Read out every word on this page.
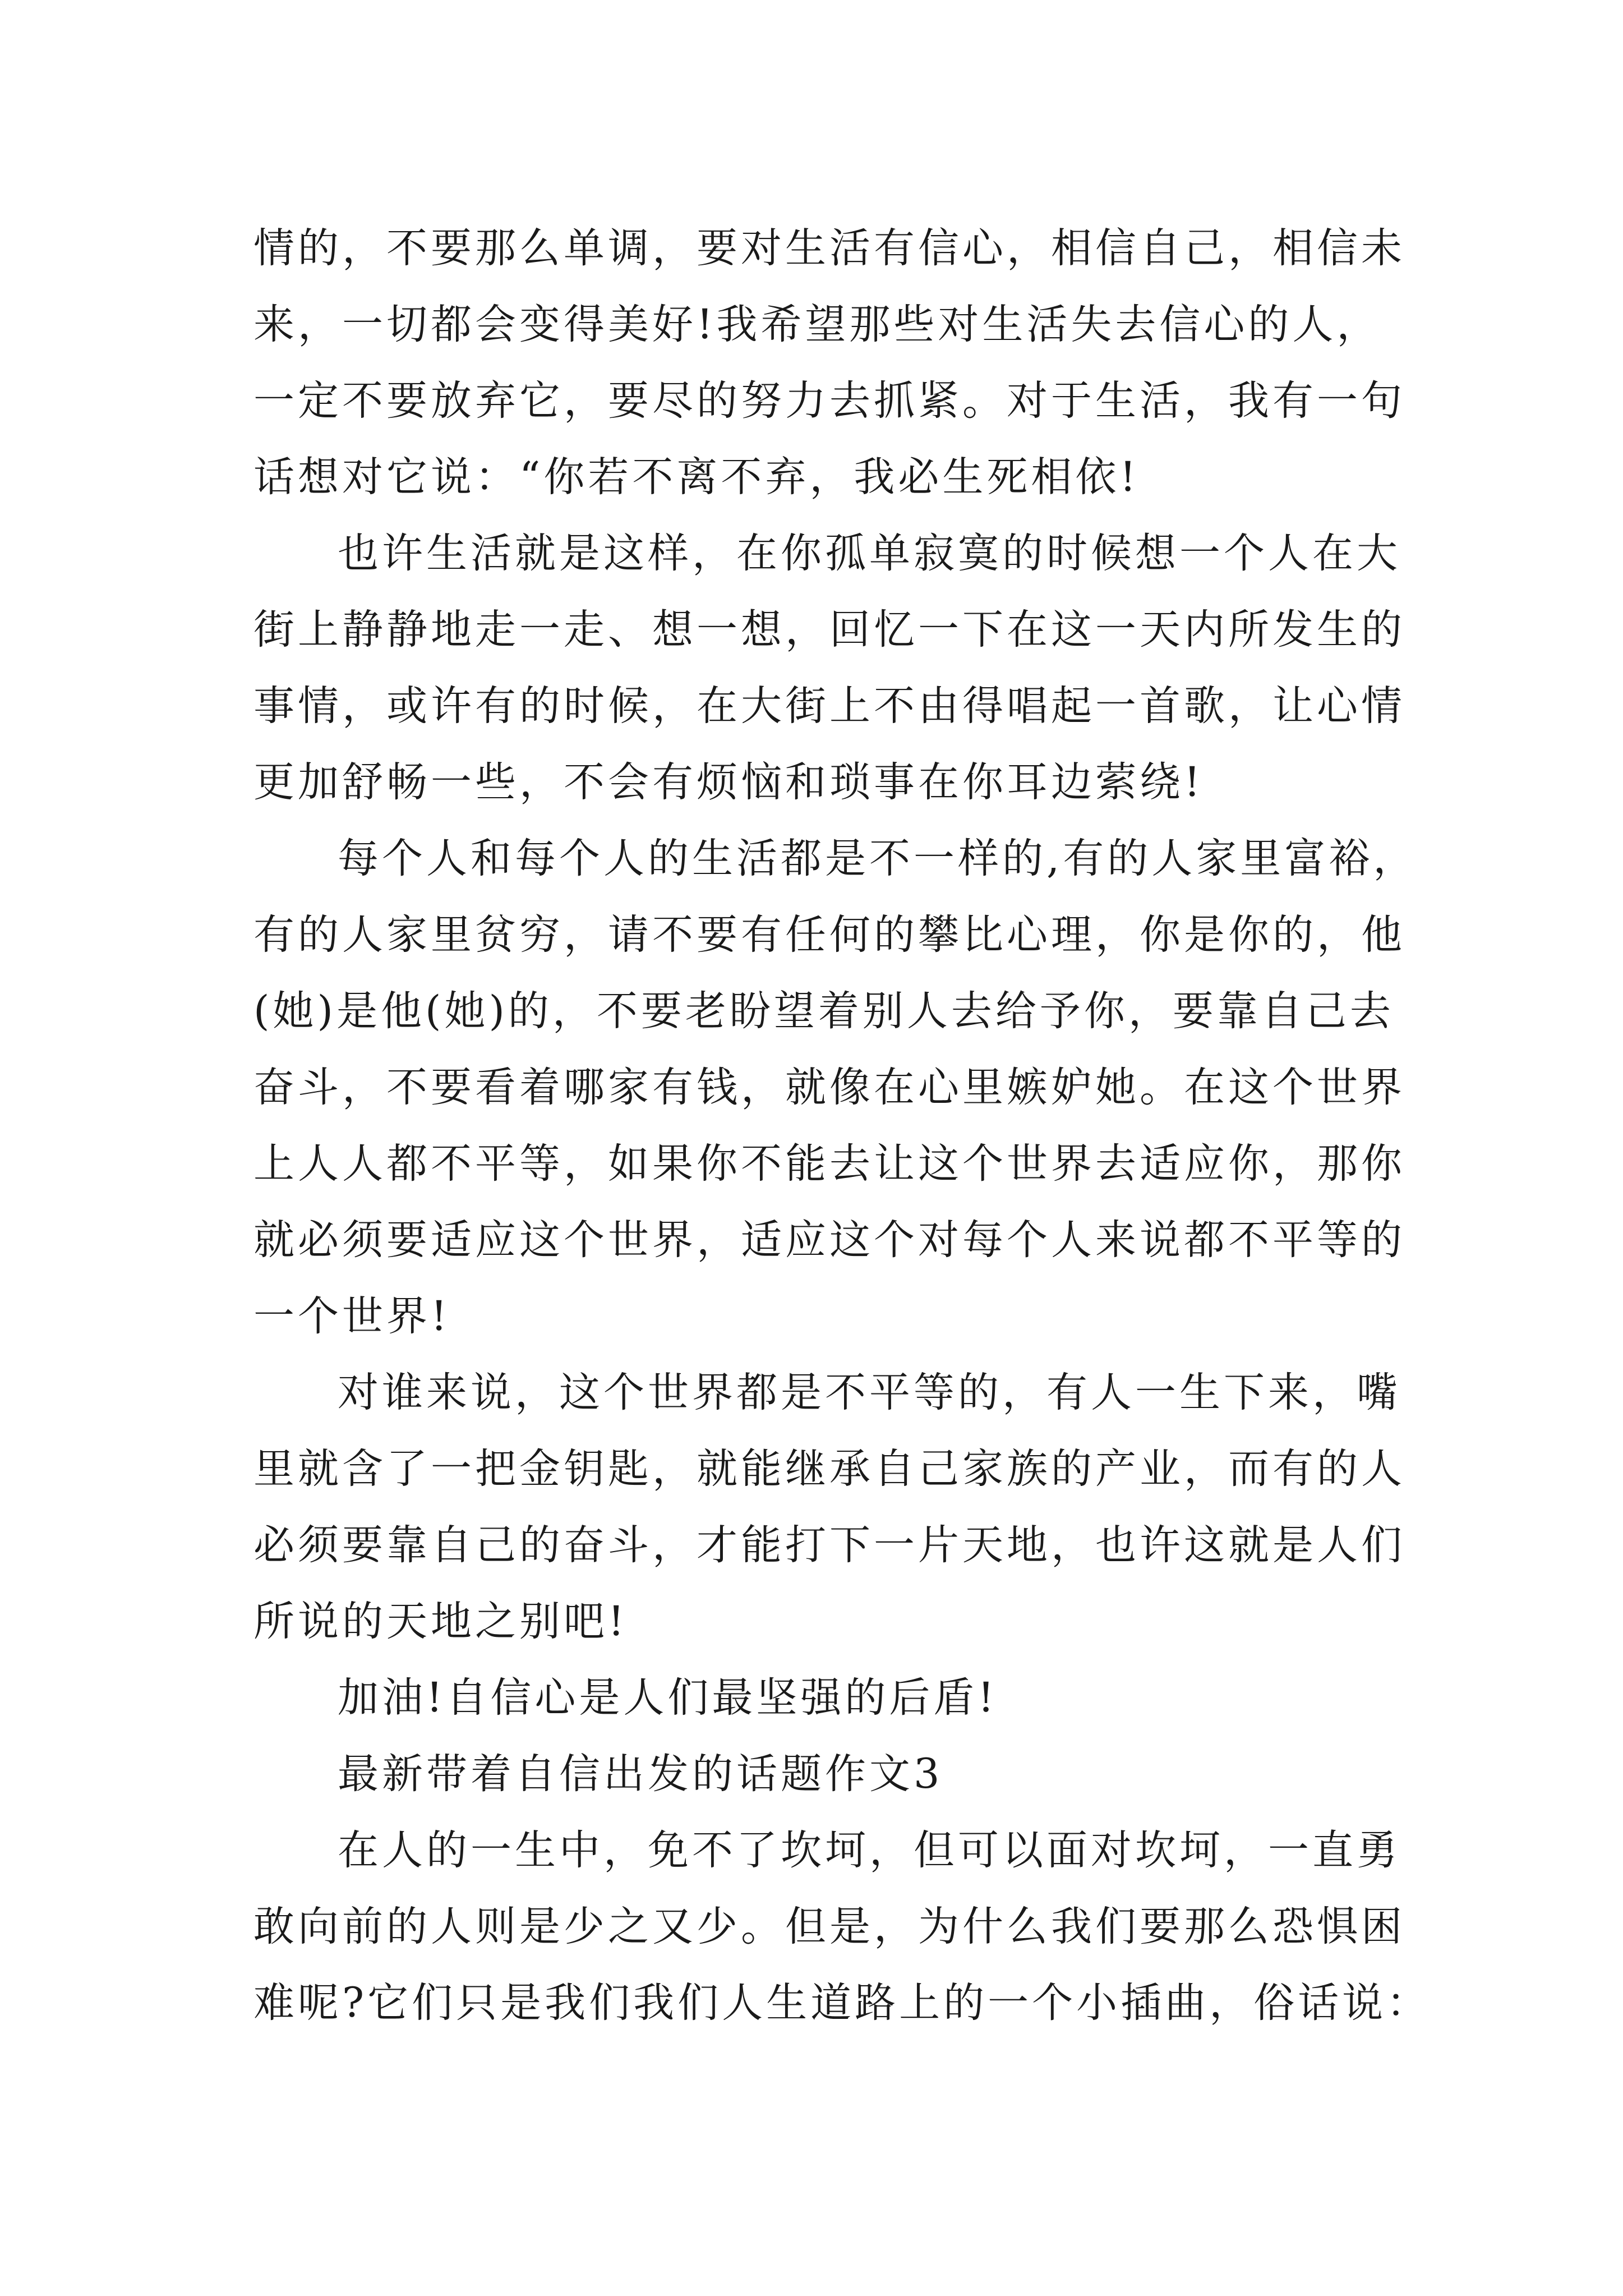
情的，不要那么单调，要对生活有信心，相信自己，相信未
来，一切都会变得美好!我希望那些对生活失去信心的人，
一定不要放弃它，要尽的努力去抓紧。对于生活，我有一句
话想对它说：“你若不离不弃，我必生死相依!
也许生活就是这样，在你孤单寂寞的时候想一个人在大
街上静静地走一走、想一想，回忆一下在这一天内所发生的
事情，或许有的时候，在大街上不由得唱起一首歌，让心情
更加舒畅一些，不会有烦恼和琐事在你耳边萦绕!
每个人和每个人的生活都是不一样的,有的人家里富裕，
有的人家里贫穷，请不要有任何的攀比心理，你是你的，他
(她)是他(她)的，不要老盼望着别人去给予你，要靠自己去
奋斗，不要看着哪家有钱，就像在心里嫉妒她。在这个世界
上人人都不平等，如果你不能去让这个世界去适应你，那你
就必须要适应这个世界，适应这个对每个人来说都不平等的
一个世界!
对谁来说，这个世界都是不平等的，有人一生下来，嘴
里就含了一把金钥匙，就能继承自己家族的产业，而有的人
必须要靠自己的奋斗，才能打下一片天地，也许这就是人们
所说的天地之别吧!
加油!自信心是人们最坚强的后盾!
最新带着自信出发的话题作文3
在人的一生中，免不了坎坷，但可以面对坎坷，一直勇
敢向前的人则是少之又少。但是，为什么我们要那么恐惧困
难呢?它们只是我们我们人生道路上的一个小插曲，俗话说：
